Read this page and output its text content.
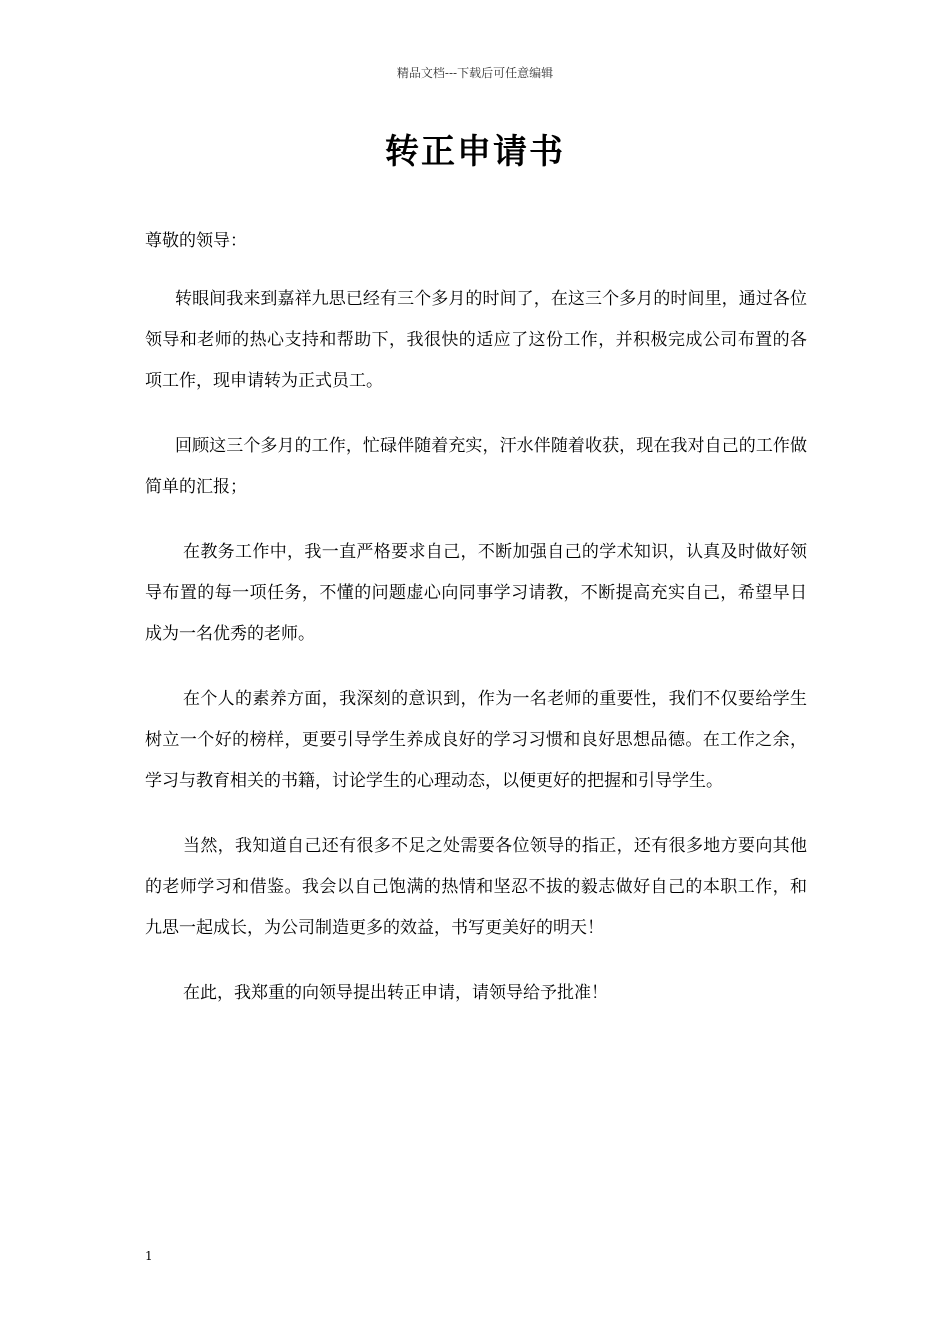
精品文档---下载后可任意编辑
转正申请书

尊敬的领导：

转眼间我来到嘉祥九思已经有三个多月的时间了，在这三个多月的时间里，通过各位领导和老师的热心支持和帮助下，我很快的适应了这份工作，并积极完成公司布置的各项工作，现申请转为正式员工。

回顾这三个多月的工作，忙碌伴随着充实，汗水伴随着收获，现在我对自己的工作做简单的汇报；

在教务工作中，我一直严格要求自己，不断加强自己的学术知识，认真及时做好领导布置的每一项任务，不懂的问题虚心向同事学习请教，不断提高充实自己，希望早日成为一名优秀的老师。

在个人的素养方面，我深刻的意识到，作为一名老师的重要性，我们不仅要给学生树立一个好的榜样，更要引导学生养成良好的学习习惯和良好思想品德。在工作之余，学习与教育相关的书籍，讨论学生的心理动态，以便更好的把握和引导学生。

当然，我知道自己还有很多不足之处需要各位领导的指正，还有很多地方要向其他的老师学习和借鉴。我会以自己饱满的热情和坚忍不拔的毅志做好自己的本职工作，和九思一起成长，为公司制造更多的效益，书写更美好的明天！

在此，我郑重的向领导提出转正申请，请领导给予批准！

1
